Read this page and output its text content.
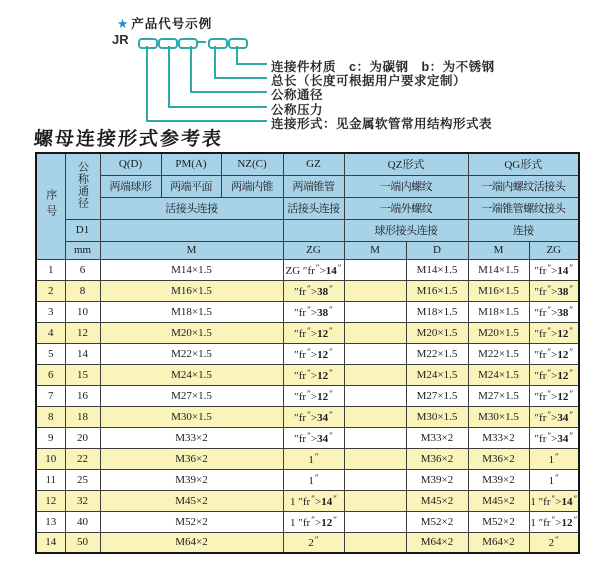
★ 产品代号示例
JR
连接件材质　c：为碳钢　b：为不锈钢
总长（长度可根据用户要求定制）
公称通径
公称压力
连接形式：见金属软管常用结构形式表
螺母连接形式参考表
序号	公称通径	Q(D)	PM(A)	NZ(C)	GZ	QZ形式		QG形式	
		两端球形	两端平面	两端内锥	两端锥管	一端内螺纹		一端内螺纹活接头	
		活接头连接			活接头连接	一端外螺纹		一端锥管螺纹接头	
	D1					球形接头连接		连接	
	mm	M			ZG	M	D	M	ZG
1	6	M14×1.5			ZG ″fr″>14″		M14×1.5	M14×1.5	″fr″>14″
2	8	M16×1.5			″fr″>38″		M16×1.5	M16×1.5	″fr″>38″
3	10	M18×1.5			″fr″>38″		M18×1.5	M18×1.5	″fr″>38″
4	12	M20×1.5			″fr″>12″		M20×1.5	M20×1.5	″fr″>12″
5	14	M22×1.5			″fr″>12″		M22×1.5	M22×1.5	″fr″>12″
6	15	M24×1.5			″fr″>12″		M24×1.5	M24×1.5	″fr″>12″
7	16	M27×1.5			″fr″>12″		M27×1.5	M27×1.5	″fr″>12″
8	18	M30×1.5			″fr″>34″		M30×1.5	M30×1.5	″fr″>34″
9	20	M33×2			″fr″>34″		M33×2	M33×2	″fr″>34″
10	22	M36×2			1″		M36×2	M36×2	1″
11	25	M39×2			1″		M39×2	M39×2	1″
12	32	M45×2			1 ″fr″>14″		M45×2	M45×2	1 ″fr″>14″
13	40	M52×2			1 ″fr″>12″		M52×2	M52×2	1 ″fr″>12″
14	50	M64×2			2″		M64×2	M64×2	2″
